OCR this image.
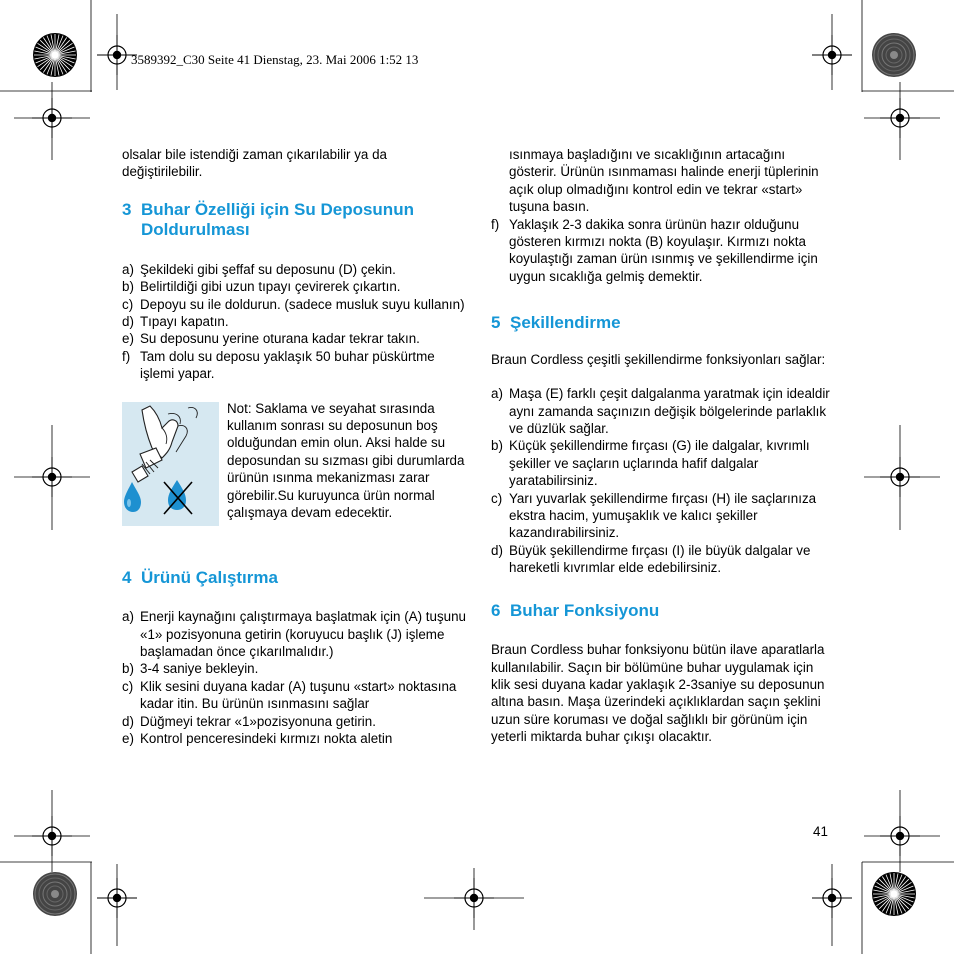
3589392_C30 Seite 41 Dienstag, 23. Mai 2006 1:52 13

olsalar bile istendiği zaman çıkarılabilir ya da değiştirilebilir.

3 Buhar Özelliği için Su Deposunun Doldurulması
a) Şekildeki gibi şeffaf su deposunu (D) çekin.
b) Belirtildiği gibi uzun tıpayı çevirerek çıkartın.
c) Depoyu su ile doldurun. (sadece musluk suyu kullanın)
d) Tıpayı kapatın.
e) Su deposunu yerine oturana kadar tekrar takın.
f) Tam dolu su deposu yaklaşık 50 buhar püskürtme işlemi yapar.
Not: Saklama ve seyahat sırasında kullanım sonrası su deposunun boş olduğundan emin olun. Aksi halde su deposundan su sızması gibi durumlarda ürünün ısınma mekanizması zarar görebilir.Su kuruyunca ürün normal çalışmaya devam edecektir.
4 Ürünü Çalıştırma
a) Enerji kaynağını çalıştırmaya başlatmak için (A) tuşunu «1» pozisyonuna getirin (koruyucu başlık (J) işleme başlamadan önce çıkarılmalıdır.)
b) 3-4 saniye bekleyin.
c) Klik sesini duyana kadar (A) tuşunu «start» noktasına kadar itin. Bu ürünün ısınmasını sağlar
d) Düğmeyi tekrar «1»pozisyonuna getirin.
e) Kontrol penceresindeki kırmızı nokta aletin
ısınmaya başladığını ve sıcaklığının artacağını gösterir. Ürünün ısınmaması halinde enerji tüplerinin açık olup olmadığını kontrol edin ve tekrar «start» tuşuna basın.
f) Yaklaşık 2-3 dakika sonra ürünün hazır olduğunu gösteren kırmızı nokta (B) koyulaşır. Kırmızı nokta koyulaştığı zaman ürün ısınmış ve şekillendirme için uygun sıcaklığa gelmiş demektir.
5 Şekillendirme

Braun Cordless çeşitli şekillendirme fonksiyonları sağlar:

a) Maşa (E) farklı çeşit dalgalanma yaratmak için idealdir aynı zamanda saçınızın değişik bölgelerinde parlaklık ve düzlük sağlar.
b) Küçük şekillendirme fırçası (G) ile dalgalar, kıvrımlı şekiller ve saçların uçlarında hafif dalgalar yaratabilirsiniz.
c) Yarı yuvarlak şekillendirme fırçası (H) ile saçlarınıza ekstra hacim, yumuşaklık ve kalıcı şekiller kazandırabilirsiniz.
d) Büyük şekillendirme fırçası (I) ile büyük dalgalar ve hareketli kıvrımlar elde edebilirsiniz.
6 Buhar Fonksiyonu

Braun Cordless buhar fonksiyonu bütün ilave aparatlarla kullanılabilir. Saçın bir bölümüne buhar uygulamak için klik sesi duyana kadar yaklaşık 2-3saniye su deposunun altına basın. Maşa üzerindeki açıklıklardan saçın şeklini uzun süre koruması ve doğal sağlıklı bir görünüm için yeterli miktarda buhar çıkışı olacaktır.

41
